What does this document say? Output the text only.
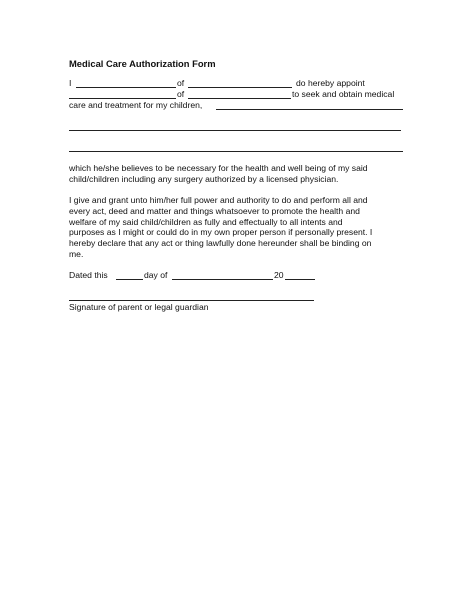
Medical Care Authorization Form
I	of	do hereby appoint
of	to seek and obtain medical
care and treatment for my children,
which he/she believes to be necessary for the health and well being of my said
child/children including any surgery authorized by a licensed physician.
I give and grant unto him/her full power and authority to do and perform all and
every act, deed and matter and things whatsoever to promote the health and
welfare of my said child/children as fully and effectually to all intents and
purposes as I might or could do in my own proper person if personally present. I
hereby declare that any act or thing lawfully done hereunder shall be binding on
me.
Dated this	day of	20
Signature of parent or legal guardian
